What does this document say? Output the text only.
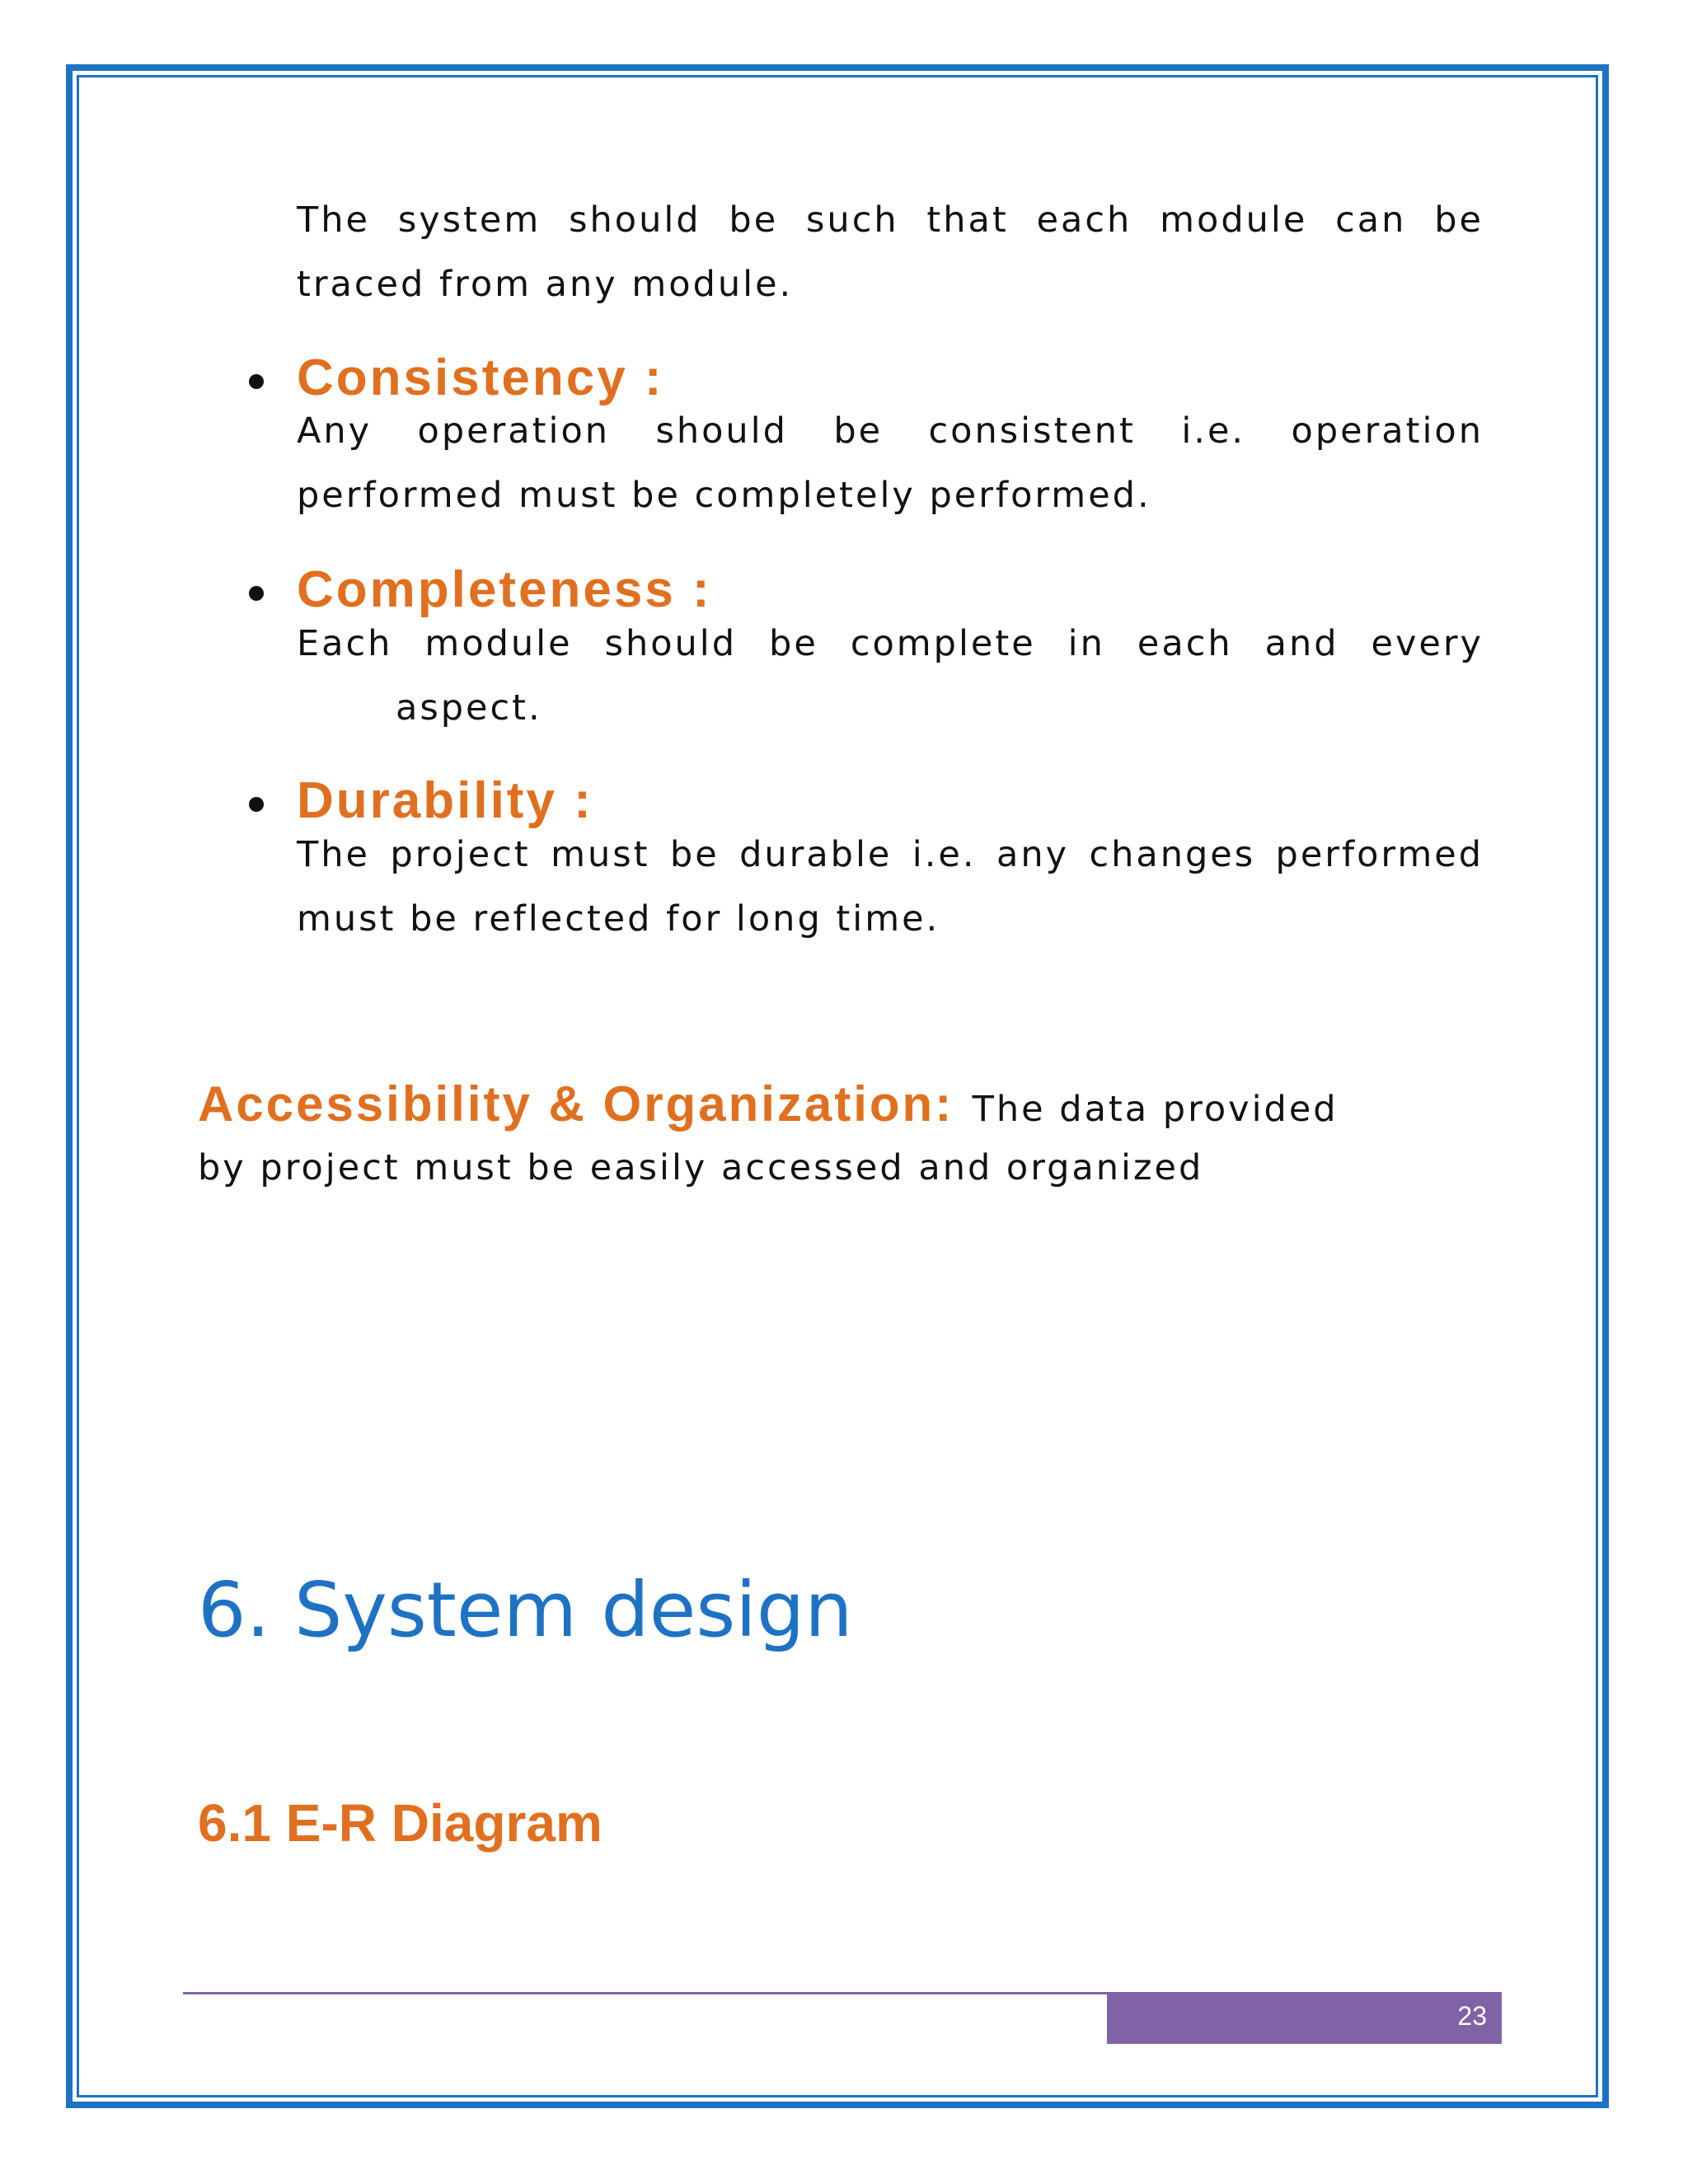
The system should be such that each module can be
traced from any module.
Consistency :
Any operation should be consistent i.e. operation
performed must be completely performed.
Completeness :
Each module should be complete in each and every
aspect.
Durability :
The project must be durable i.e. any changes performed
must be reflected for long time.
Accessibility & Organization: The data provided
by project must be easily accessed and organized
6. System design
6.1 E-R Diagram
23
